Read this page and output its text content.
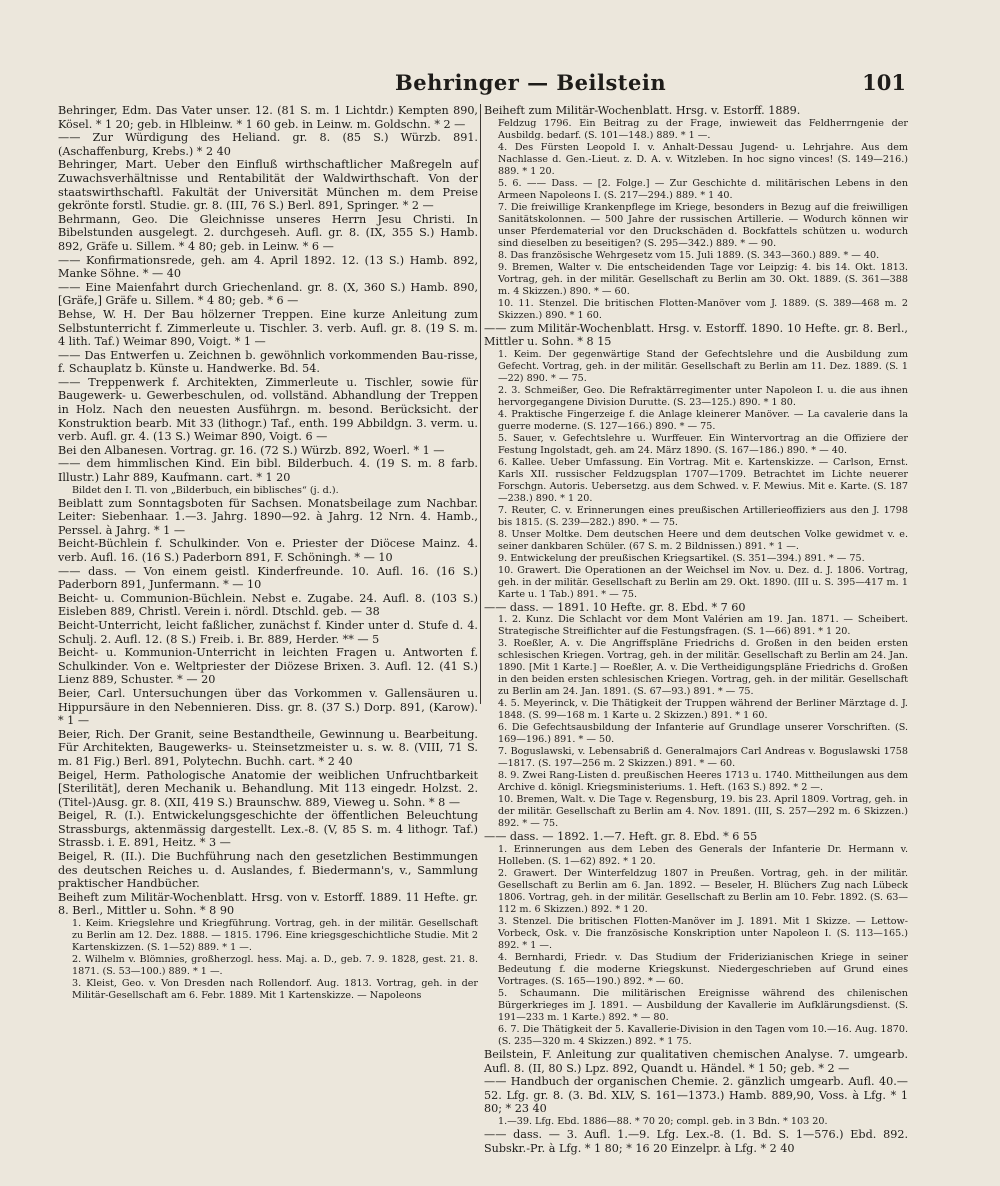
Behringer — Beilstein	101

Behringer, Edm. Das Vater unser. 12. (81 S. m. 1 Lichtdr.) Kempten 890, Kösel. * 1 20; geb. in Hlbleinw. * 1 60 geb. in Leinw. m. Goldschn. * 2 —

—— Zur Würdigung des Heliand. gr. 8. (85 S.) Würzb. 891. (Aschaffenburg, Krebs.) * 2 40

Behringer, Mart. Ueber den Einfluß wirthschaftlicher Maßregeln auf Zuwachsverhältnisse und Rentabilität der Waldwirthschaft. Von der staatswirthschaftl. Fakultät der Universität München m. dem Preise gekrönte forstl. Studie. gr. 8. (III, 76 S.) Berl. 891, Springer. * 2 —

Behrmann, Geo. Die Gleichnisse unseres Herrn Jesu Christi. In Bibelstunden ausgelegt. 2. durchgeseh. Aufl. gr. 8. (IX, 355 S.) Hamb. 892, Gräfe u. Sillem. * 4 80; geb. in Leinw. * 6 —

—— Konfirmationsrede, geh. am 4. April 1892. 12. (13 S.) Hamb. 892, Manke Söhne. * — 40

—— Eine Maienfahrt durch Griechenland. gr. 8. (X, 360 S.) Hamb. 890, [Gräfe,] Gräfe u. Sillem. * 4 80; geb. * 6 —

Behse, W. H. Der Bau hölzerner Treppen. Eine kurze Anleitung zum Selbstunterricht f. Zimmerleute u. Tischler. 3. verb. Aufl. gr. 8. (19 S. m. 4 lith. Taf.) Weimar 890, Voigt. * 1 —

—— Das Entwerfen u. Zeichnen b. gewöhnlich vorkommenden Bau-risse, f. Schauplatz b. Künste u. Handwerke. Bd. 54.

—— Treppenwerk f. Architekten, Zimmerleute u. Tischler, sowie für Baugewerk- u. Gewerbeschulen, od. vollständ. Abhandlung der Treppen in Holz. Nach den neuesten Ausführgn. m. besond. Berücksicht. der Konstruktion bearb. Mit 33 (lithogr.) Taf., enth. 199 Abbildgn. 3. verm. u. verb. Aufl. gr. 4. (13 S.) Weimar 890, Voigt. 6 —

Bei den Albanesen. Vortrag. gr. 16. (72 S.) Würzb. 892, Woerl. * 1 —

—— dem himmlischen Kind. Ein bibl. Bilderbuch. 4. (19 S. m. 8 farb. Illustr.) Lahr 889, Kaufmann. cart. * 1 20
Bildet den I. Tl. von „Bilderbuch, ein biblisches“ (j. d.).

Beiblatt zum Sonntagsboten für Sachsen. Monatsbeilage zum Nachbar. Leiter: Siebenhaar. 1.—3. Jahrg. 1890—92. à Jahrg. 12 Nrn. 4. Hamb., Perssel. à Jahrg. * 1 —

Beicht-Büchlein f. Schulkinder. Von e. Priester der Diöcese Mainz. 4. verb. Aufl. 16. (16 S.) Paderborn 891, F. Schöningh. * — 10

—— dass. — Von einem geistl. Kinderfreunde. 10. Aufl. 16. (16 S.) Paderborn 891, Junfermann. * — 10

Beicht- u. Communion-Büchlein. Nebst e. Zugabe. 24. Aufl. 8. (103 S.) Eisleben 889, Christl. Verein i. nördl. Dtschld. geb. — 38

Beicht-Unterricht, leicht faßlicher, zunächst f. Kinder unter d. Stufe d. 4. Schulj. 2. Aufl. 12. (8 S.) Freib. i. Br. 889, Herder. ** — 5

Beicht- u. Kommunion-Unterricht in leichten Fragen u. Antworten f. Schulkinder. Von e. Weltpriester der Diözese Brixen. 3. Aufl. 12. (41 S.) Lienz 889, Schuster. * — 20

Beier, Carl. Untersuchungen über das Vorkommen v. Gallensäuren u. Hippursäure in den Nebennieren. Diss. gr. 8. (37 S.) Dorp. 891, (Karow). * 1 —

Beier, Rich. Der Granit, seine Bestandtheile, Gewinnung u. Bearbeitung. Für Architekten, Baugewerks- u. Steinsetzmeister u. s. w. 8. (VIII, 71 S. m. 81 Fig.) Berl. 891, Polytechn. Buchh. cart. * 2 40

Beigel, Herm. Pathologische Anatomie der weiblichen Unfruchtbarkeit [Sterilität], deren Mechanik u. Behandlung. Mit 113 eingedr. Holzst. 2. (Titel-)Ausg. gr. 8. (XII, 419 S.) Braunschw. 889, Vieweg u. Sohn. * 8 —

Beigel, R. (I.). Entwickelungsgeschichte der öffentlichen Beleuchtung Strassburgs, aktenmässig dargestellt. Lex.-8. (V, 85 S. m. 4 lithogr. Taf.) Strassb. i. E. 891, Heitz. * 3 —

Beigel, R. (II.). Die Buchführung nach den gesetzlichen Bestimmungen des deutschen Reiches u. d. Auslandes, f. Biedermann's, v., Sammlung praktischer Handbücher.

Beiheft zum Militär-Wochenblatt. Hrsg. von v. Estorff. 1889. 11 Hefte. gr. 8. Berl., Mittler u. Sohn. * 8 90
1. Keim. Kriegslehre und Kriegführung. Vortrag, geh. in der militär. Gesellschaft zu Berlin am 12. Dez. 1888. — 1815. 1796. Eine kriegsgeschichtliche Studie. Mit 2 Kartenskizzen. (S. 1—52) 889. * 1 —.
2. Wilhelm v. Blömnies, großherzogl. hess. Maj. a. D., geb. 7. 9. 1828, gest. 21. 8. 1871. (S. 53—100.) 889. * 1 —.
3. Kleist, Geo. v. Von Dresden nach Rollendorf. Aug. 1813. Vortrag, geh. in der Militär-Gesellschaft am 6. Febr. 1889. Mit 1 Kartenskizze. — Napoleons

Beiheft zum Militär-Wochenblatt. Hrsg. v. Estorff. 1889.
Feldzug 1796. Ein Beitrag zu der Frage, inwieweit das Feldherrngenie der Ausbildg. bedarf. (S. 101—148.) 889. * 1 —.
4. Des Fürsten Leopold I. v. Anhalt-Dessau Jugend- u. Lehrjahre. Aus dem Nachlasse d. Gen.-Lieut. z. D. A. v. Witzleben. In hoc signo vinces! (S. 149—216.) 889. * 1 20.
5. 6. —— Dass. — [2. Folge.] — Zur Geschichte d. militärischen Lebens in den Armeen Napoleons I. (S. 217—294.) 889. * 1 40.
7. Die freiwillige Krankenpflege im Kriege, besonders in Bezug auf die freiwilligen Sanitätskolonnen. — 500 Jahre der russischen Artillerie. — Wodurch können wir unser Pferdematerial vor den Druckschäden d. Bockfattels schützen u. wodurch sind dieselben zu beseitigen? (S. 295—342.) 889. * — 90.
8. Das französische Wehrgesetz vom 15. Juli 1889. (S. 343—360.) 889. * — 40.
9. Bremen, Walter v. Die entscheidenden Tage vor Leipzig: 4. bis 14. Okt. 1813. Vortrag, geh. in der militär. Gesellschaft zu Berlin am 30. Okt. 1889. (S. 361—388 m. 4 Skizzen.) 890. * — 60.
10. 11. Stenzel. Die britischen Flotten-Manöver vom J. 1889. (S. 389—468 m. 2 Skizzen.) 890. * 1 60.

—— zum Militär-Wochenblatt. Hrsg. v. Estorff. 1890. 10 Hefte. gr. 8. Berl., Mittler u. Sohn. * 8 15
1. Keim. Der gegenwärtige Stand der Gefechtslehre und die Ausbildung zum Gefecht. Vortrag, geh. in der militär. Gesellschaft zu Berlin am 11. Dez. 1889. (S. 1—22) 890. * — 75.
2. 3. Schmeißer, Geo. Die Refraktärregimenter unter Napoleon I. u. die aus ihnen hervorgegangene Division Durutte. (S. 23—125.) 890. * 1 80.
4. Praktische Fingerzeige f. die Anlage kleinerer Manöver. — La cavalerie dans la guerre moderne. (S. 127—166.) 890. * — 75.
5. Sauer, v. Gefechtslehre u. Wurffeuer. Ein Wintervortrag an die Offiziere der Festung Ingolstadt, geh. am 24. März 1890. (S. 167—186.) 890. * — 40.
6. Kallee. Ueber Umfassung. Ein Vortrag. Mit e. Kartenskizze. — Carlson, Ernst. Karls XII. russischer Feldzugsplan 1707—1709. Betrachtet im Lichte neuerer Forschgn. Autoris. Uebersetzg. aus dem Schwed. v. F. Mewius. Mit e. Karte. (S. 187—238.) 890. * 1 20.
7. Reuter, C. v. Erinnerungen eines preußischen Artillerieoffiziers aus den J. 1798 bis 1815. (S. 239—282.) 890. * — 75.
8. Unser Moltke. Dem deutschen Heere und dem deutschen Volke gewidmet v. e. seiner dankbaren Schüler. (67 S. m. 2 Bildnissen.) 891. * 1 —.
9. Entwickelung der preußischen Kriegsartikel. (S. 351—394.) 891. * — 75.
10. Grawert. Die Operationen an der Weichsel im Nov. u. Dez. d. J. 1806. Vortrag, geh. in der militär. Gesellschaft zu Berlin am 29. Okt. 1890. (III u. S. 395—417 m. 1 Karte u. 1 Tab.) 891. * — 75.

—— dass. — 1891. 10 Hefte. gr. 8. Ebd. * 7 60
1. 2. Kunz. Die Schlacht vor dem Mont Valérien am 19. Jan. 1871. — Scheibert. Strategische Streiflichter auf die Festungsfragen. (S. 1—66) 891. * 1 20.
3. Roeßler, A. v. Die Angriffspläne Friedrichs d. Großen in den beiden ersten schlesischen Kriegen. Vortrag, geh. in der militär. Gesellschaft zu Berlin am 24. Jan. 1890. [Mit 1 Karte.] — Roeßler, A. v. Die Vertheidigungspläne Friedrichs d. Großen in den beiden ersten schlesischen Kriegen. Vortrag, geh. in der militär. Gesellschaft zu Berlin am 24. Jan. 1891. (S. 67—93.) 891. * — 75.
4. 5. Meyerinck, v. Die Thätigkeit der Truppen während der Berliner Märztage d. J. 1848. (S. 99—168 m. 1 Karte u. 2 Skizzen.) 891. * 1 60.
6. Die Gefechtsausbildung der Infanterie auf Grundlage unserer Vorschriften. (S. 169—196.) 891. * — 50.
7. Boguslawski, v. Lebensabriß d. Generalmajors Carl Andreas v. Boguslawski 1758—1817. (S. 197—256 m. 2 Skizzen.) 891. * — 60.
8. 9. Zwei Rang-Listen d. preußischen Heeres 1713 u. 1740. Mittheilungen aus dem Archive d. königl. Kriegsministeriums. 1. Heft. (163 S.) 892. * 2 —.
10. Bremen, Walt. v. Die Tage v. Regensburg, 19. bis 23. April 1809. Vortrag, geh. in der militär. Gesellschaft zu Berlin am 4. Nov. 1891. (III, S. 257—292 m. 6 Skizzen.) 892. * — 75.

—— dass. — 1892. 1.—7. Heft. gr. 8. Ebd. * 6 55
1. Erinnerungen aus dem Leben des Generals der Infanterie Dr. Hermann v. Holleben. (S. 1—62) 892. * 1 20.
2. Grawert. Der Winterfeldzug 1807 in Preußen. Vortrag, geh. in der militär. Gesellschaft zu Berlin am 6. Jan. 1892. — Beseler, H. Blüchers Zug nach Lübeck 1806. Vortrag, geh. in der militär. Gesellschaft zu Berlin am 10. Febr. 1892. (S. 63—112 m. 6 Skizzen.) 892. * 1 20.
3. Stenzel. Die britischen Flotten-Manöver im J. 1891. Mit 1 Skizze. — Lettow-Vorbeck, Osk. v. Die französische Konskription unter Napoleon I. (S. 113—165.) 892. * 1 —.
4. Bernhardi, Friedr. v. Das Studium der Friderizianischen Kriege in seiner Bedeutung f. die moderne Kriegskunst. Niedergeschrieben auf Grund eines Vortrages. (S. 165—190.) 892. * — 60.
5. Schaumann. Die militärischen Ereignisse während des chilenischen Bürgerkrieges im J. 1891. — Ausbildung der Kavallerie im Aufklärungsdienst. (S. 191—233 m. 1 Karte.) 892. * — 80.
6. 7. Die Thätigkeit der 5. Kavallerie-Division in den Tagen vom 10.—16. Aug. 1870. (S. 235—320 m. 4 Skizzen.) 892. * 1 75.

Beilstein, F. Anleitung zur qualitativen chemischen Analyse. 7. umgearb. Aufl. 8. (II, 80 S.) Lpz. 892, Quandt u. Händel. * 1 50; geb. * 2 —

—— Handbuch der organischen Chemie. 2. gänzlich umgearb. Aufl. 40.—52. Lfg. gr. 8. (3. Bd. XLV, S. 161—1373.) Hamb. 889,90, Voss. à Lfg. * 1 80; * 23 40
1.—39. Lfg. Ebd. 1886—88. * 70 20; compl. geb. in 3 Bdn. * 103 20.

—— dass. — 3. Aufl. 1.—9. Lfg. Lex.-8. (1. Bd. S. 1—576.) Ebd. 892. Subskr.-Pr. à Lfg. * 1 80; * 16 20 Einzelpr. à Lfg. * 2 40
